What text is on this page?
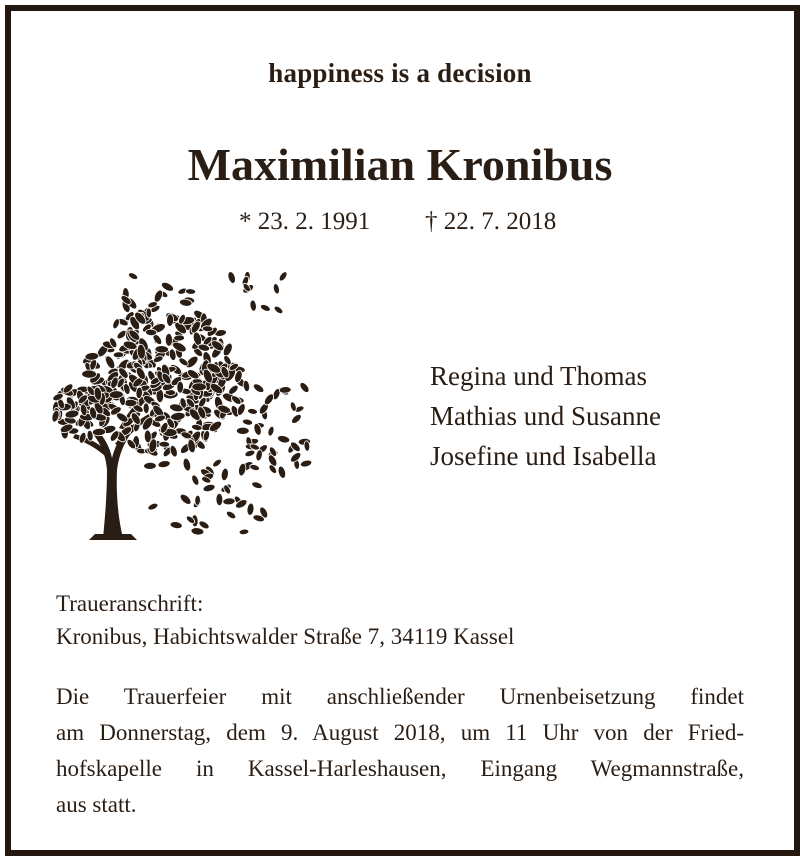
happiness is a decision
Maximilian Kronibus
* 23. 2. 1991 † 22. 7. 2018
Regina und Thomas
Mathias und Susanne
Josefine und Isabella
Traueranschrift:
Kronibus, Habichtswalder Straße 7, 34119 Kassel
Die Trauerfeier mit anschließender Urnenbeisetzung findet
am Donnerstag, dem 9. August 2018, um 11 Uhr von der Fried-
hofskapelle in Kassel-Harleshausen, Eingang Wegmannstraße,
aus statt.
